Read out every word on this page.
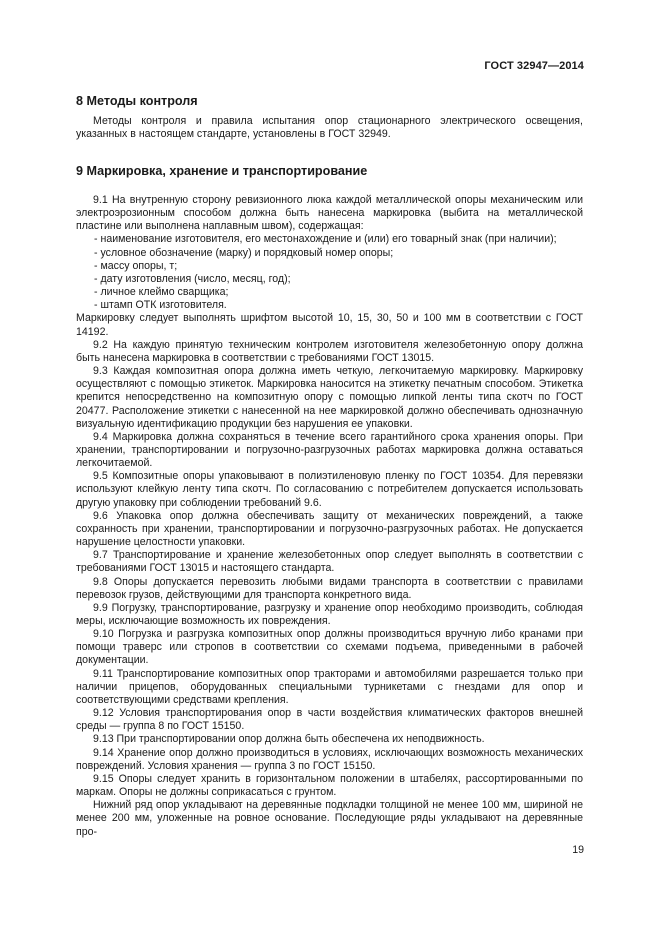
ГОСТ 32947—2014
8 Методы контроля

Методы контроля и правила испытания опор стационарного электрического освещения, указанных в настоящем стандарте, установлены в ГОСТ 32949.

9 Маркировка, хранение и транспортирование

9.1 На внутренную сторону ревизионного люка каждой металлической опоры механическим или электроэрозионным способом должна быть нанесена маркировка (выбита на металлической пластине или выполнена наплавным швом), содержащая:

- наименование изготовителя, его местонахождение и (или) его товарный знак (при наличии);

- условное обозначение (марку) и порядковый номер опоры;

- массу опоры, т;

- дату изготовления (число, месяц, год);

- личное клеймо сварщика;

- штамп ОТК изготовителя.

Маркировку следует выполнять шрифтом высотой 10, 15, 30, 50 и 100 мм в соответствии с ГОСТ 14192.

9.2 На каждую принятую техническим контролем изготовителя железобетонную опору должна быть нанесена маркировка в соответствии с требованиями ГОСТ 13015.

9.3 Каждая композитная опора должна иметь четкую, легкочитаемую маркировку. Маркировку осуществляют с помощью этикеток. Маркировка наносится на этикетку печатным способом. Этикетка крепится непосредственно на композитную опору с помощью липкой ленты типа скотч по ГОСТ 20477. Расположение этикетки с нанесенной на нее маркировкой должно обеспечивать однозначную визуальную идентификацию продукции без нарушения ее упаковки.

9.4 Маркировка должна сохраняться в течение всего гарантийного срока хранения опоры. При хранении, транспортировании и погрузочно-разгрузочных работах маркировка должна оставаться легкочитаемой.

9.5 Композитные опоры упаковывают в полиэтиленовую пленку по ГОСТ 10354. Для перевязки используют клейкую ленту типа скотч. По согласованию с потребителем допускается использовать другую упаковку при соблюдении требований 9.6.

9.6 Упаковка опор должна обеспечивать защиту от механических повреждений, а также сохранность при хранении, транспортировании и погрузочно-разгрузочных работах. Не допускается нарушение целостности упаковки.

9.7 Транспортирование и хранение железобетонных опор следует выполнять в соответствии с требованиями ГОСТ 13015 и настоящего стандарта.

9.8 Опоры допускается перевозить любыми видами транспорта в соответствии с правилами перевозок грузов, действующими для транспорта конкретного вида.

9.9 Погрузку, транспортирование, разгрузку и хранение опор необходимо производить, соблюдая меры, исключающие возможность их повреждения.

9.10 Погрузка и разгрузка композитных опор должны производиться вручную либо кранами при помощи траверс или стропов в соответствии со схемами подъема, приведенными в рабочей документации.

9.11 Транспортирование композитных опор тракторами и автомобилями разрешается только при наличии прицепов, оборудованных специальными турникетами с гнездами для опор и соответствующими средствами крепления.

9.12 Условия транспортирования опор в части воздействия климатических факторов внешней среды — группа 8 по ГОСТ 15150.

9.13 При транспортировании опор должна быть обеспечена их неподвижность.

9.14 Хранение опор должно производиться в условиях, исключающих возможность механических повреждений. Условия хранения — группа 3 по ГОСТ 15150.

9.15 Опоры следует хранить в горизонтальном положении в штабелях, рассортированными по маркам. Опоры не должны соприкасаться с грунтом.

Нижний ряд опор укладывают на деревянные подкладки толщиной не менее 100 мм, шириной не менее 200 мм, уложенные на ровное основание. Последующие ряды укладывают на деревянные про-

19
